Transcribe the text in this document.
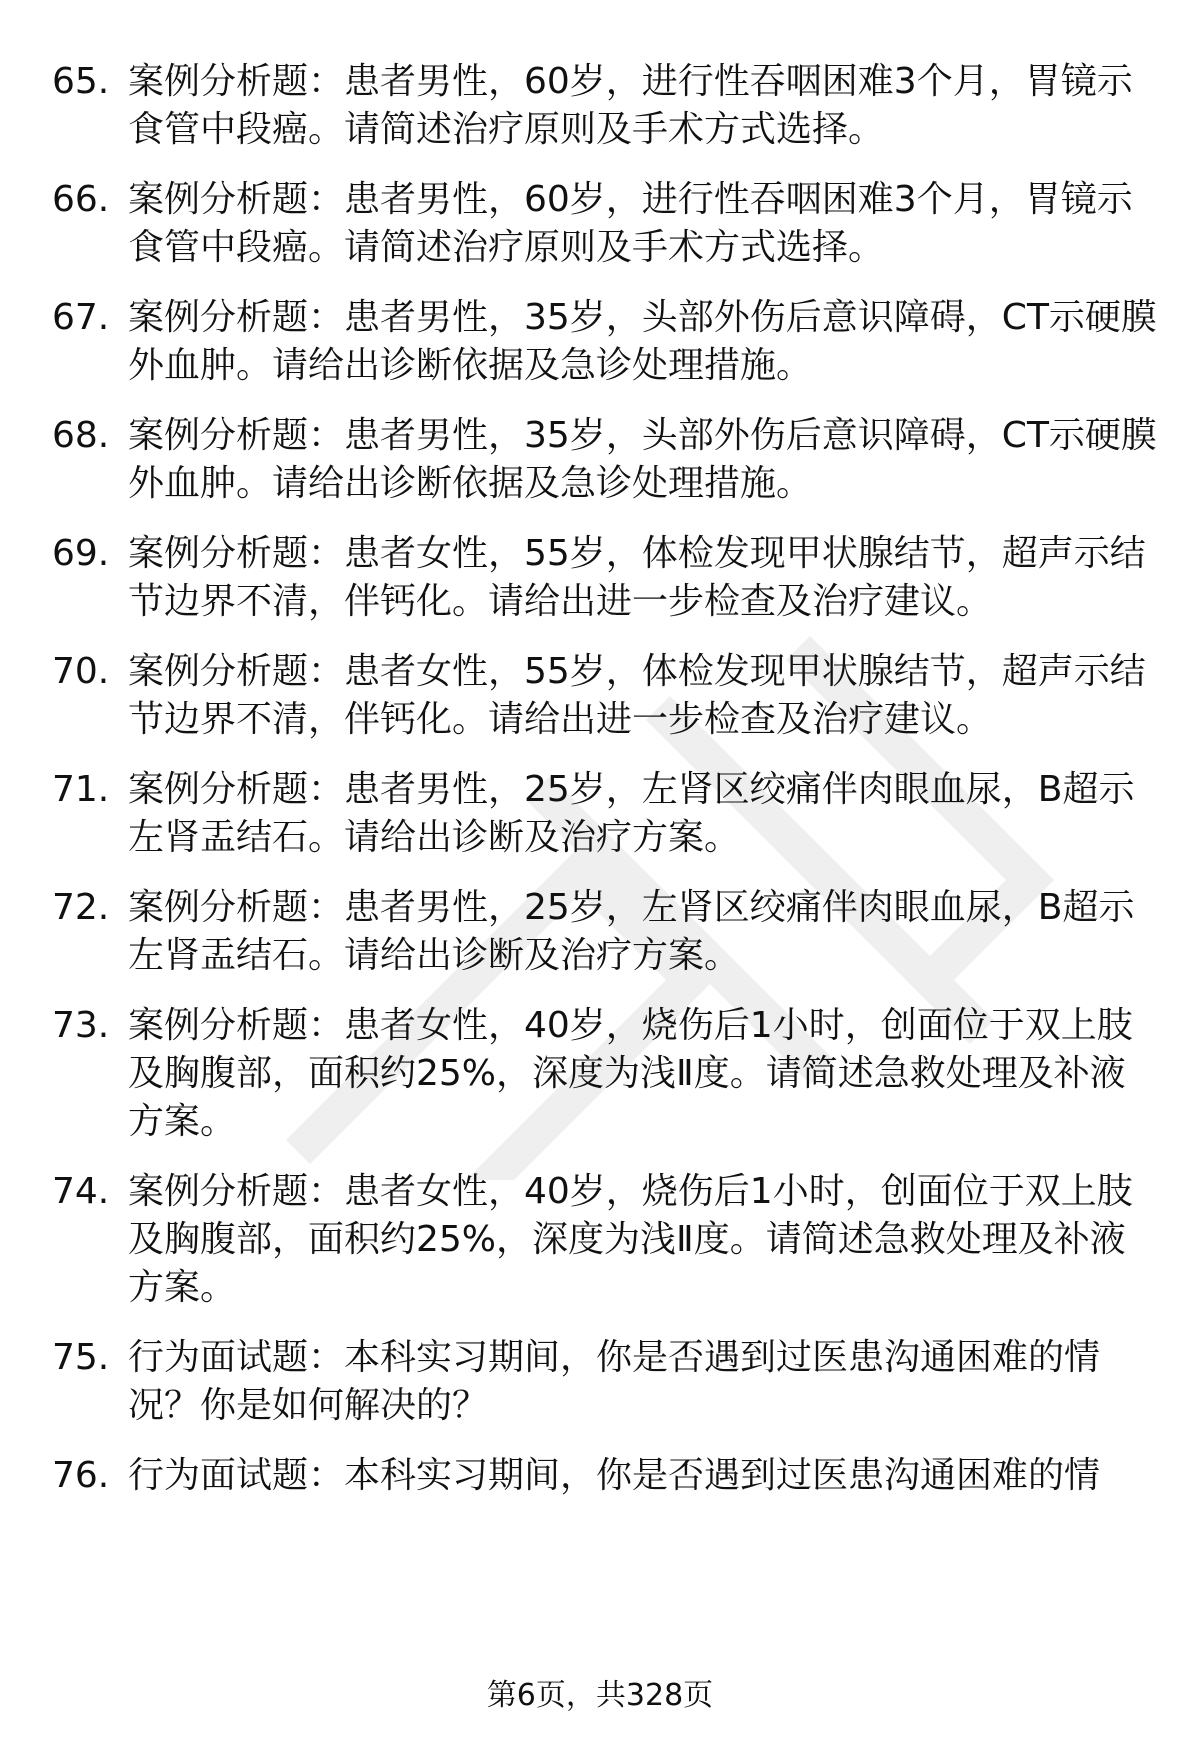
65. 案例分析题：患者男性，60岁，进行性吞咽困难3个月，胃镜示
食管中段癌。请简述治疗原则及手术方式选择。
66. 案例分析题：患者男性，60岁，进行性吞咽困难3个月，胃镜示
食管中段癌。请简述治疗原则及手术方式选择。
67. 案例分析题：患者男性，35岁，头部外伤后意识障碍，CT示硬膜
外血肿。请给出诊断依据及急诊处理措施。
68. 案例分析题：患者男性，35岁，头部外伤后意识障碍，CT示硬膜
外血肿。请给出诊断依据及急诊处理措施。
69. 案例分析题：患者女性，55岁，体检发现甲状腺结节，超声示结
节边界不清，伴钙化。请给出进一步检查及治疗建议。
70. 案例分析题：患者女性，55岁，体检发现甲状腺结节，超声示结
节边界不清，伴钙化。请给出进一步检查及治疗建议。
71. 案例分析题：患者男性，25岁，左肾区绞痛伴肉眼血尿，B超示
左肾盂结石。请给出诊断及治疗方案。
72. 案例分析题：患者男性，25岁，左肾区绞痛伴肉眼血尿，B超示
左肾盂结石。请给出诊断及治疗方案。
73. 案例分析题：患者女性，40岁，烧伤后1小时，创面位于双上肢
及胸腹部，面积约25%，深度为浅Ⅱ度。请简述急救处理及补液
方案。
74. 案例分析题：患者女性，40岁，烧伤后1小时，创面位于双上肢
及胸腹部，面积约25%，深度为浅Ⅱ度。请简述急救处理及补液
方案。
75. 行为面试题：本科实习期间，你是否遇到过医患沟通困难的情
况？你是如何解决的？
76. 行为面试题：本科实习期间，你是否遇到过医患沟通困难的情
第6页，共328页
